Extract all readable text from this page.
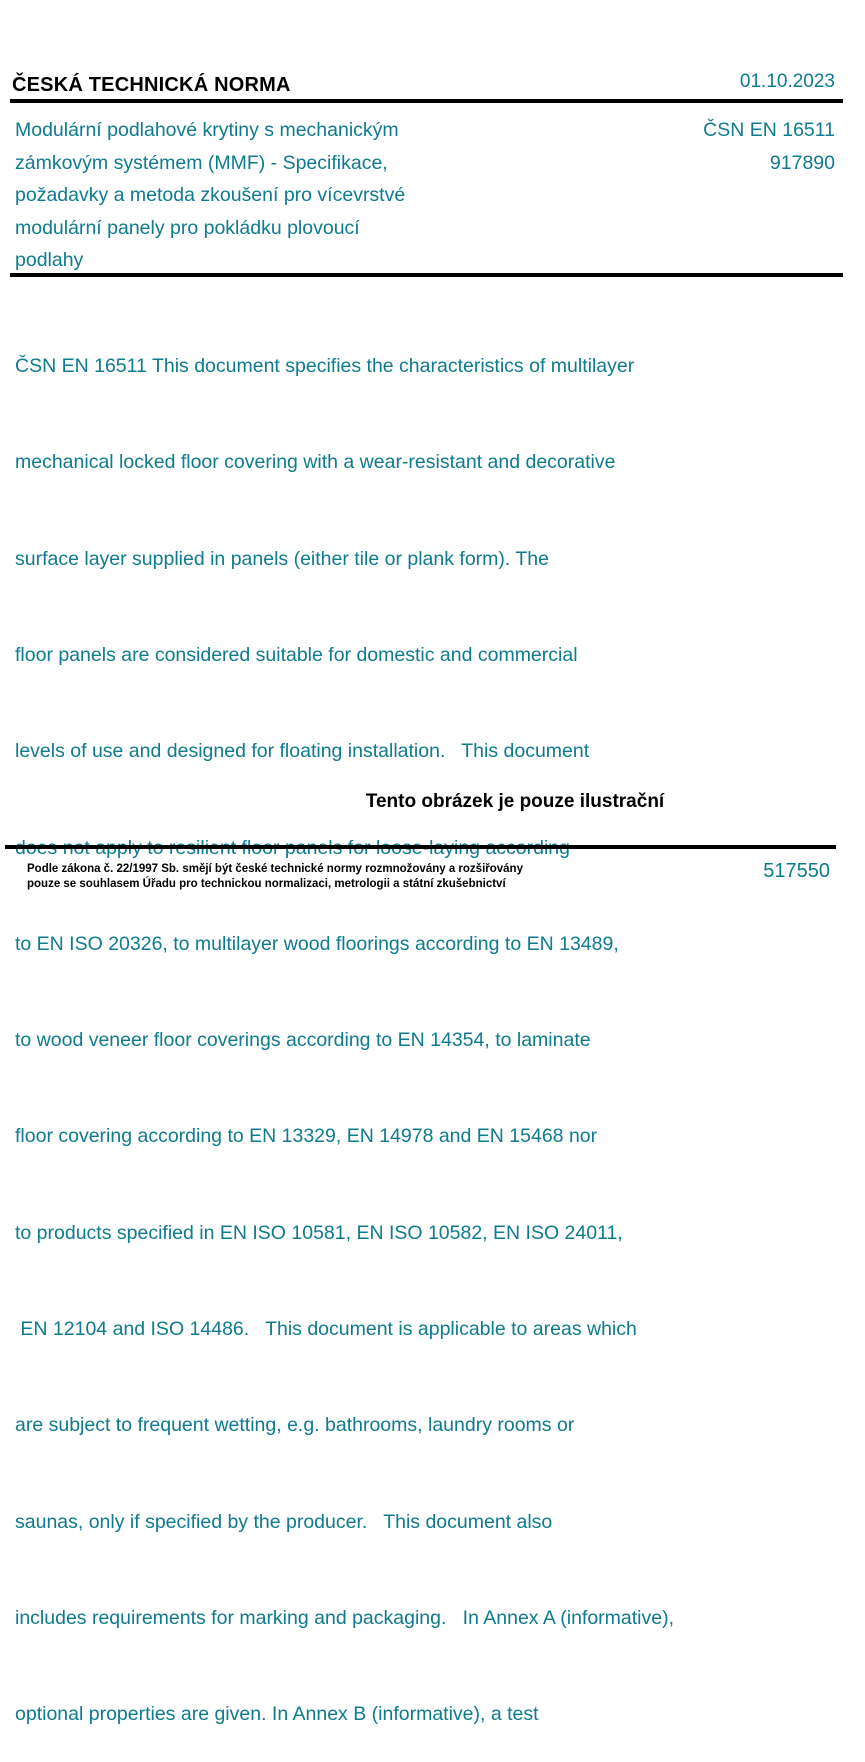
ČESKÁ TECHNICKÁ NORMA	01.10.2023
Modulární podlahové krytiny s mechanickým
zámkovým systémem (MMF) - Specifikace,
požadavky a metoda zkoušení pro vícevrstvé
modulární panely pro pokládku plovoucí
podlahy
ČSN EN 16511
917890

ČSN EN 16511 This document specifies the characteristics of multilayer

mechanical locked floor covering with a wear-resistant and decorative

surface layer supplied in panels (either tile or plank form). The

floor panels are considered suitable for domestic and commercial

levels of use and designed for floating installation.   This document

to EN ISO 20326, to multilayer wood floorings according to EN 13489,

to wood veneer floor coverings according to EN 14354, to laminate

floor covering according to EN 13329, EN 14978 and EN 15468 nor

to products specified in EN ISO 10581, EN ISO 10582, EN ISO 24011,

EN 12104 and ISO 14486.   This document is applicable to areas which

are subject to frequent wetting, e.g. bathrooms, laundry rooms or

saunas, only if specified by the producer.   This document also

includes requirements for marking and packaging.   In Annex A (informative),

optional properties are given. In Annex B (informative), a test

Tento obrázek je pouze ilustrační
Podle zákona č. 22/1997 Sb. smějí být české technické normy rozmnožovány a rozšiřovány
pouze se souhlasem Úřadu pro technickou normalizaci, metrologii a státní zkušebnictví
517550
